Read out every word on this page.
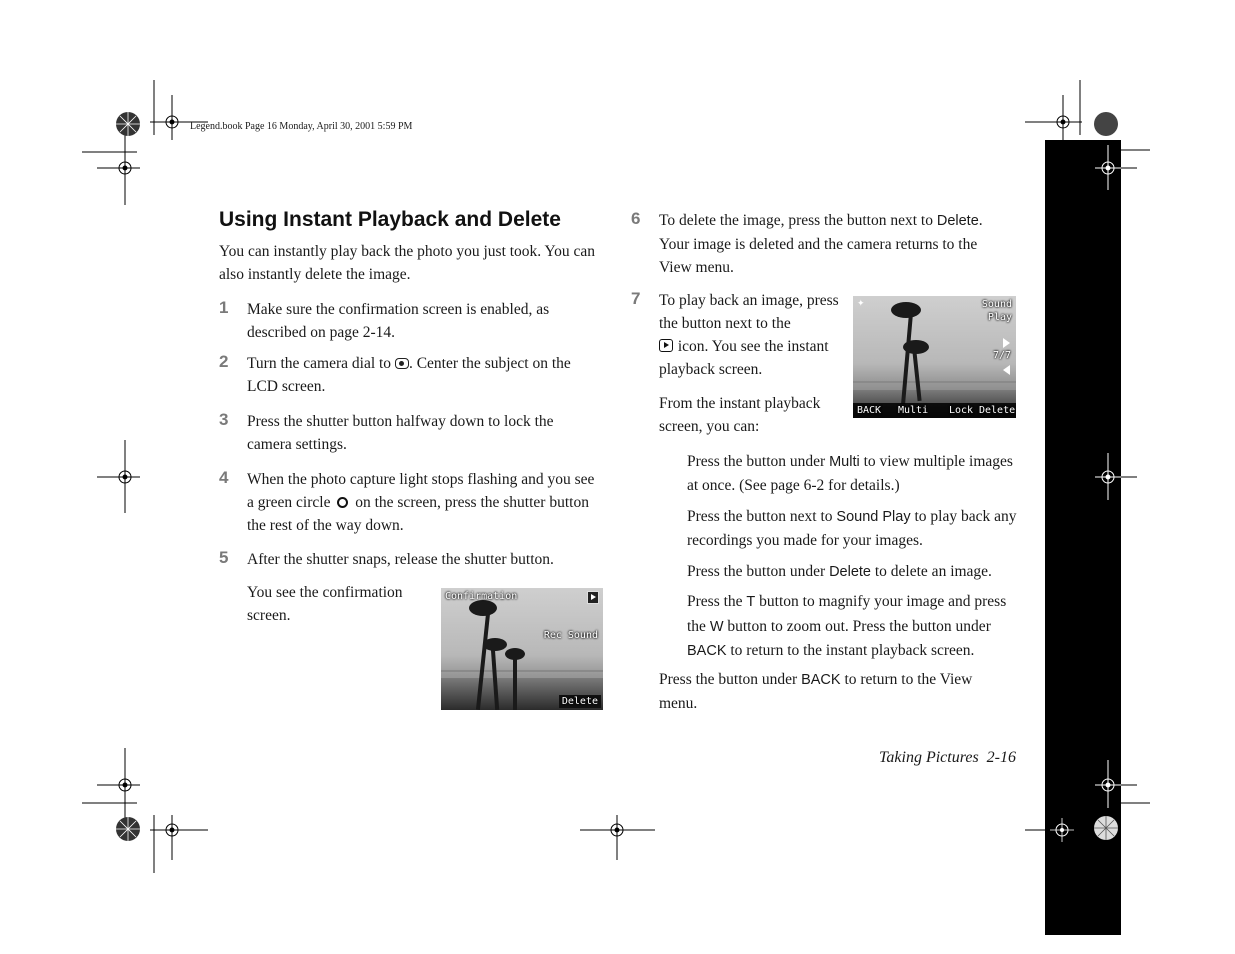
Legend.book Page 16 Monday, April 30, 2001 5:59 PM
Using Instant Playback and Delete
You can instantly play back the photo you just took. You can also instantly delete the image.
1 Make sure the confirmation screen is enabled, as described on page 2-14.
2 Turn the camera dial to
. Center the subject on the LCD screen.
3 Press the shutter button halfway down to lock the camera settings.
4 When the photo capture light stops flashing and you see a green circle  on the screen, press the shutter button the rest of the way down.
5 After the shutter snaps, release the shutter button.
You see the confirmation screen.
Confirmation
Rec Sound
Delete
6 To delete the image, press the button next to Delete. Your image is deleted and the camera returns to the View menu.
7 To play back an image, press the button next to the

icon. You see the instant playback screen.
✦	Sound
Play
7/7
BACK Multi Lock Delete
From the instant playback screen, you can:
Press the button under Multi to view multiple images at once. (See page 6-2 for details.)
Press the button next to Sound Play to play back any recordings you made for your images.
Press the button under Delete to delete an image.
Press the T button to magnify your image and press the W button to zoom out. Press the button under BACK to return to the instant playback screen.
Press the button under BACK to return to the View menu.
Taking Pictures 2-16
